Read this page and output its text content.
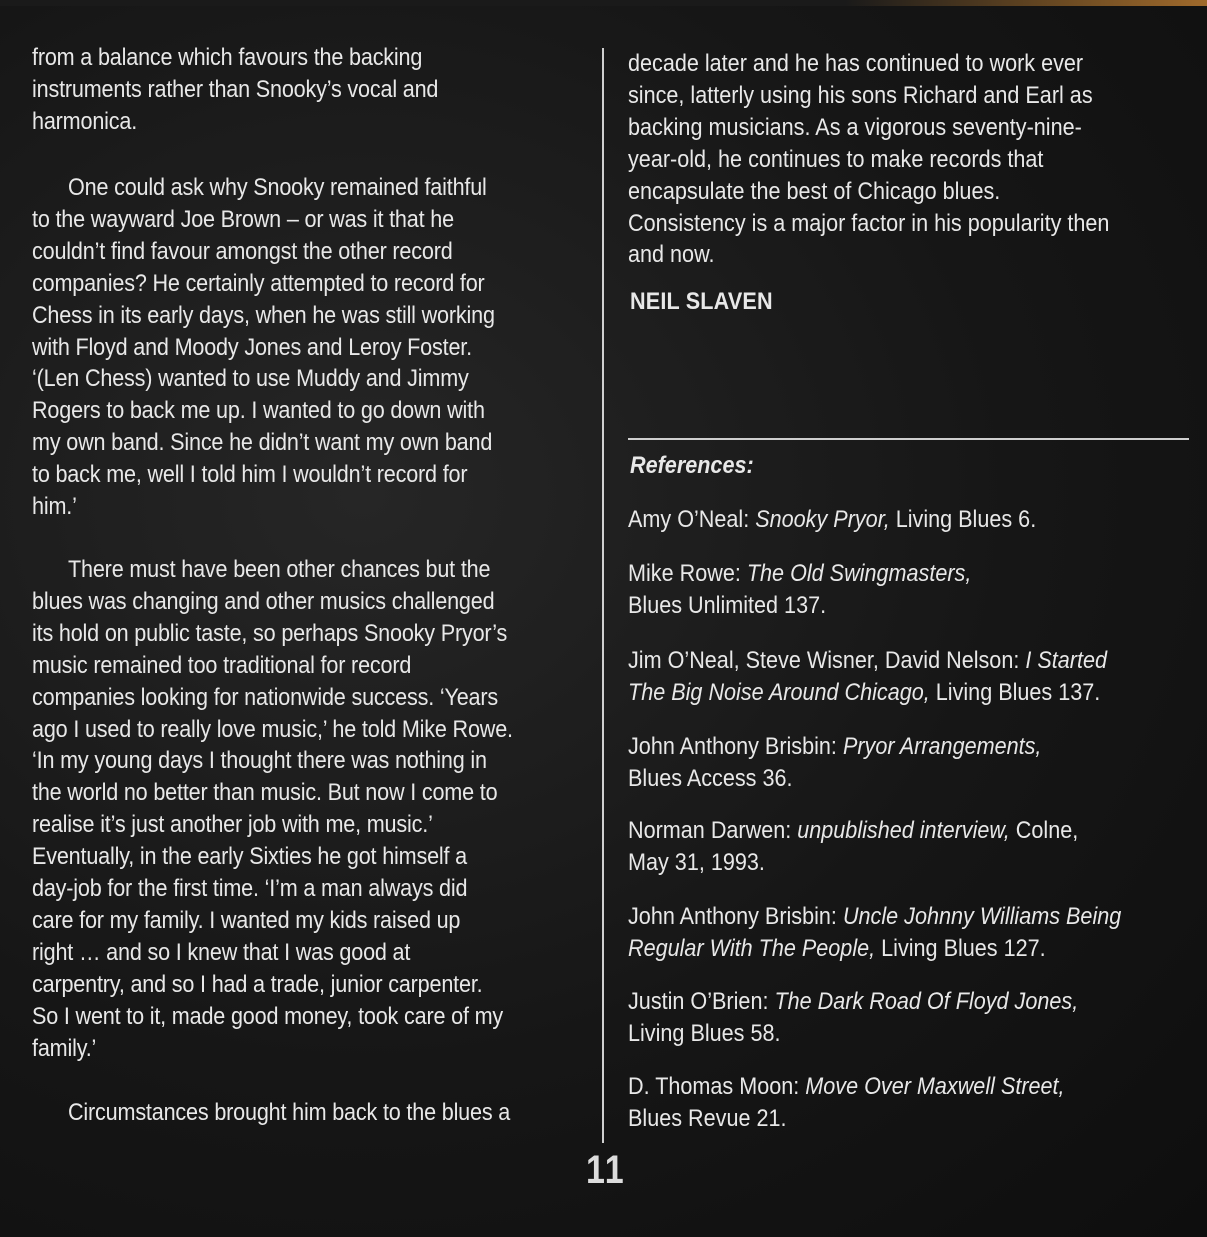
from a balance which favours the backing
instruments rather than Snooky’s vocal and
harmonica.

One could ask why Snooky remained faithful
to the wayward Joe Brown – or was it that he
couldn’t find favour amongst the other record
companies? He certainly attempted to record for
Chess in its early days, when he was still working
with Floyd and Moody Jones and Leroy Foster.
‘(Len Chess) wanted to use Muddy and Jimmy
Rogers to back me up. I wanted to go down with
my own band. Since he didn’t want my own band
to back me, well I told him I wouldn’t record for
him.’

There must have been other chances but the
blues was changing and other musics challenged
its hold on public taste, so perhaps Snooky Pryor’s
music remained too traditional for record
companies looking for nationwide success. ‘Years
ago I used to really love music,’ he told Mike Rowe.
‘In my young days I thought there was nothing in
the world no better than music. But now I come to
realise it’s just another job with me, music.’
Eventually, in the early Sixties he got himself a
day-job for the first time. ‘I’m a man always did
care for my family. I wanted my kids raised up
right … and so I knew that I was good at
carpentry, and so I had a trade, junior carpenter.
So I went to it, made good money, took care of my
family.’

Circumstances brought him back to the blues a

decade later and he has continued to work ever
since, latterly using his sons Richard and Earl as
backing musicians. As a vigorous seventy-nine-
year-old, he continues to make records that
encapsulate the best of Chicago blues.
Consistency is a major factor in his popularity then
and now.

NEIL SLAVEN
References:
Amy O’Neal: Snooky Pryor, Living Blues 6.
Mike Rowe: The Old Swingmasters,
Blues Unlimited 137.
Jim O’Neal, Steve Wisner, David Nelson: I Started
The Big Noise Around Chicago, Living Blues 137.
John Anthony Brisbin: Pryor Arrangements,
Blues Access 36.
Norman Darwen: unpublished interview, Colne,
May 31, 1993.
John Anthony Brisbin: Uncle Johnny Williams Being
Regular With The People, Living Blues 127.
Justin O’Brien: The Dark Road Of Floyd Jones,
Living Blues 58.
D. Thomas Moon: Move Over Maxwell Street,
Blues Revue 21.
11
